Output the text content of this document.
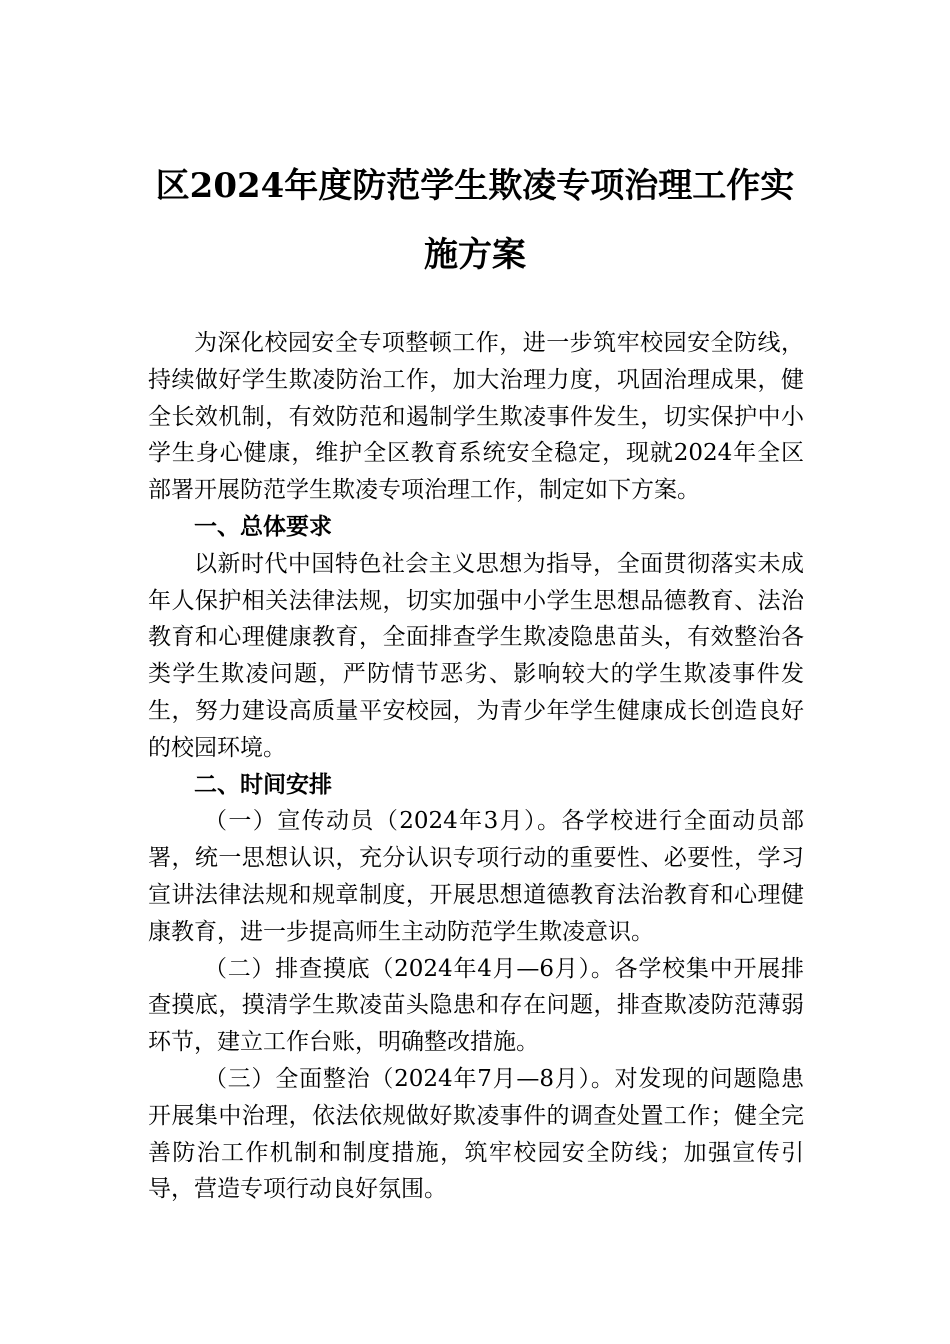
区2024年度防范学生欺凌专项治理工作实
施方案

为深化校园安全专项整顿工作，进一步筑牢校园安全防线，持续做好学生欺凌防治工作，加大治理力度，巩固治理成果，健全长效机制，有效防范和遏制学生欺凌事件发生，切实保护中小学生身心健康，维护全区教育系统安全稳定，现就2024年全区部署开展防范学生欺凌专项治理工作，制定如下方案。

一、总体要求

以新时代中国特色社会主义思想为指导，全面贯彻落实未成年人保护相关法律法规，切实加强中小学生思想品德教育、法治教育和心理健康教育，全面排查学生欺凌隐患苗头，有效整治各类学生欺凌问题，严防情节恶劣、影响较大的学生欺凌事件发生，努力建设高质量平安校园，为青少年学生健康成长创造良好的校园环境。

二、时间安排

（一）宣传动员（2024年3月）。各学校进行全面动员部署，统一思想认识，充分认识专项行动的重要性、必要性，学习宣讲法律法规和规章制度，开展思想道德教育法治教育和心理健康教育，进一步提高师生主动防范学生欺凌意识。

（二）排查摸底（2024年4月—6月）。各学校集中开展排查摸底，摸清学生欺凌苗头隐患和存在问题，排查欺凌防范薄弱环节，建立工作台账，明确整改措施。

（三）全面整治（2024年7月—8月）。对发现的问题隐患开展集中治理，依法依规做好欺凌事件的调查处置工作；健全完善防治工作机制和制度措施，筑牢校园安全防线；加强宣传引导，营造专项行动良好氛围。
